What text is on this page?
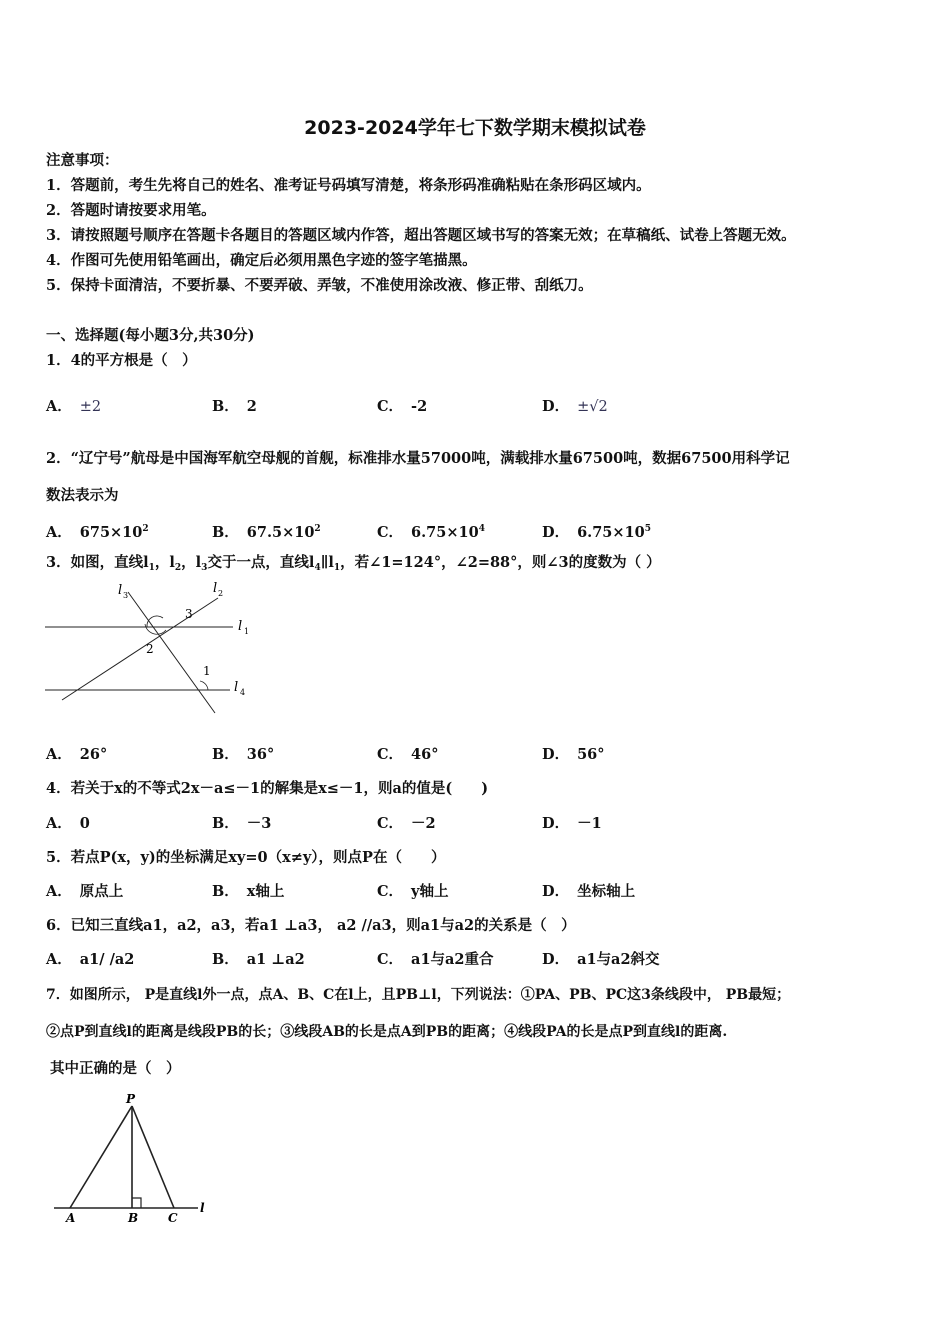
2023-2024学年七下数学期末模拟试卷
注意事项：
1．答题前，考生先将自己的姓名、准考证号码填写清楚，将条形码准确粘贴在条形码区域内。
2．答题时请按要求用笔。
3．请按照题号顺序在答题卡各题目的答题区域内作答，超出答题区域书写的答案无效；在草稿纸、试卷上答题无效。
4．作图可先使用铅笔画出，确定后必须用黑色字迹的签字笔描黑。
5．保持卡面清洁，不要折暴、不要弄破、弄皱，不准使用涂改液、修正带、刮纸刀。
一、选择题(每小题3分,共30分)
1．4的平方根是（　）
A． ±2	B． 2	C． -2	D． ±√2
2．“辽宁号”航母是中国海军航空母舰的首舰，标准排水量57000吨，满载排水量67500吨，数据67500用科学记
数法表示为
A． $675\times 10^2$	B． $67.5\times 10^2$	C． $6.75\times 10^4$	D． $6.75\times 10^5$
3．如图，直线$l_1$，$l_2$，$l_3$交于一点，直线$l_4\parallel l_1$，若∠1=124°，∠2=88°，则∠3的度数为（ ）
l 3	l 2
l 1
l 4
3
2
1
A． 26°	B． 36°	C． 46°	D． 56°
4．若关于x的不等式2x－a≤－1的解集是x≤－1，则a的值是(　　)
A． 0	B． －3	C． －2	D． －1
5．若点P(x，y)的坐标满足xy=0（x≠y），则点P在（　　）
A． 原点上	B． x轴上	C． y轴上	D． 坐标轴上
6．已知三直线a1，a2，a3，若a1 ⊥a3， a2 //a3，则a1与a2的关系是（　）
A． a1/ /a2	B． a1 ⊥a2	C． a1与a2重合	D． a1与a2斜交
7．如图所示， P是直线l外一点，点A、B、C在l上，且PB⊥l，下列说法：①PA、PB、PC这3条线段中， PB最短；
②点P到直线l的距离是线段PB的长；③线段AB的长是点A到PB的距离；④线段PA的长是点P到直线l的距离.
其中正确的是（　）
P
A	B C
l
